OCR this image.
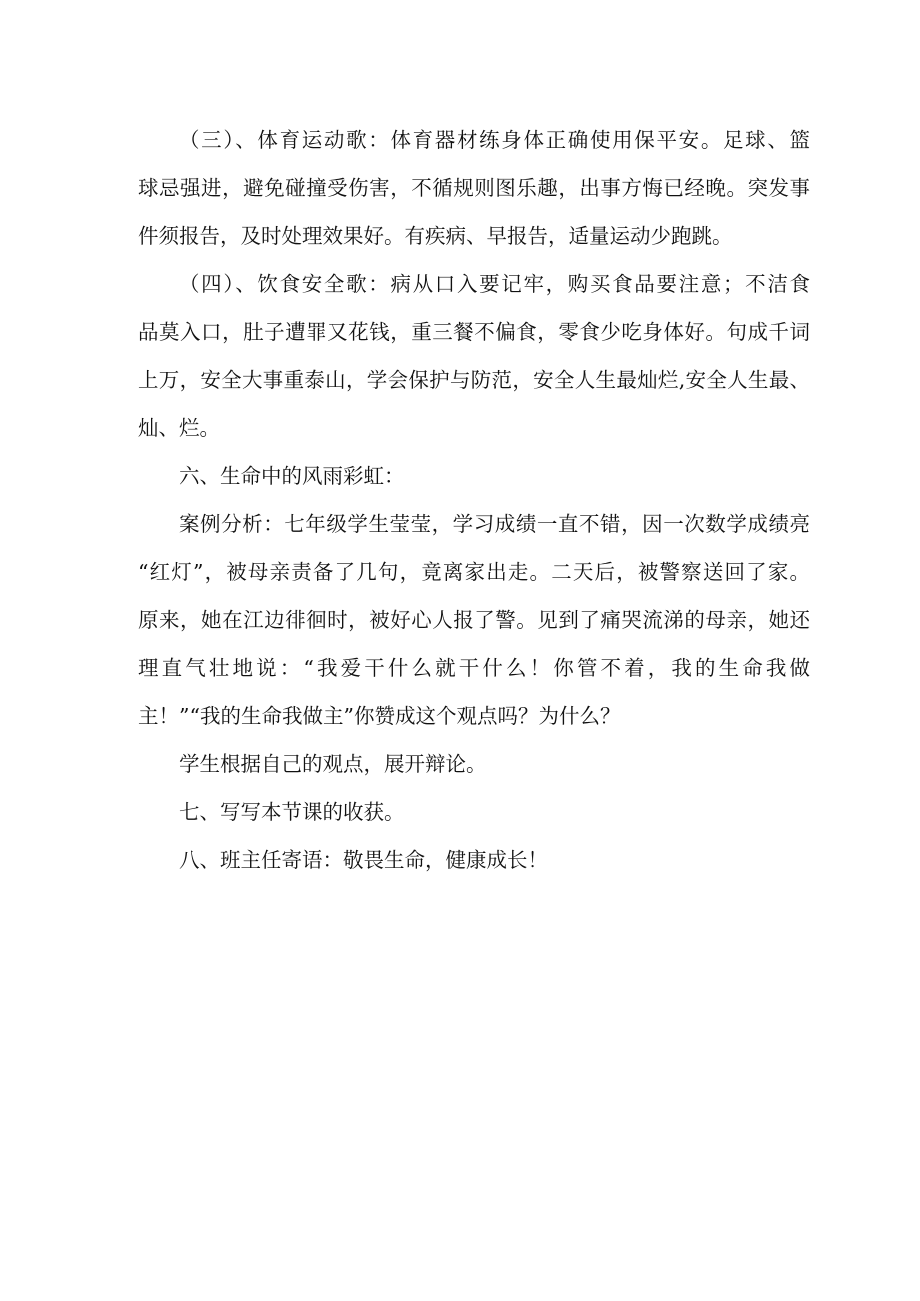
（三）、体育运动歌：体育器材练身体正确使用保平安。足球、篮
球忌强进，避免碰撞受伤害，不循规则图乐趣，出事方悔已经晚。突发事
件须报告，及时处理效果好。有疾病、早报告，适量运动少跑跳。
（四）、饮食安全歌：病从口入要记牢，购买食品要注意；不洁食
品莫入口，肚子遭罪又花钱，重三餐不偏食，零食少吃身体好。句成千词
上万，安全大事重泰山，学会保护与防范，安全人生最灿烂,安全人生最、
灿、烂。
六、生命中的风雨彩虹：
案例分析：七年级学生莹莹，学习成绩一直不错，因一次数学成绩亮
“红灯”，被母亲责备了几句，竟离家出走。二天后，被警察送回了家。
原来，她在江边徘徊时，被好心人报了警。见到了痛哭流涕的母亲，她还
理直气壮地说：“我爱干什么就干什么！你管不着，我的生命我做
主！”“我的生命我做主”你赞成这个观点吗？为什么？
学生根据自己的观点，展开辩论。
七、写写本节课的收获。
八、班主任寄语：敬畏生命，健康成长！
